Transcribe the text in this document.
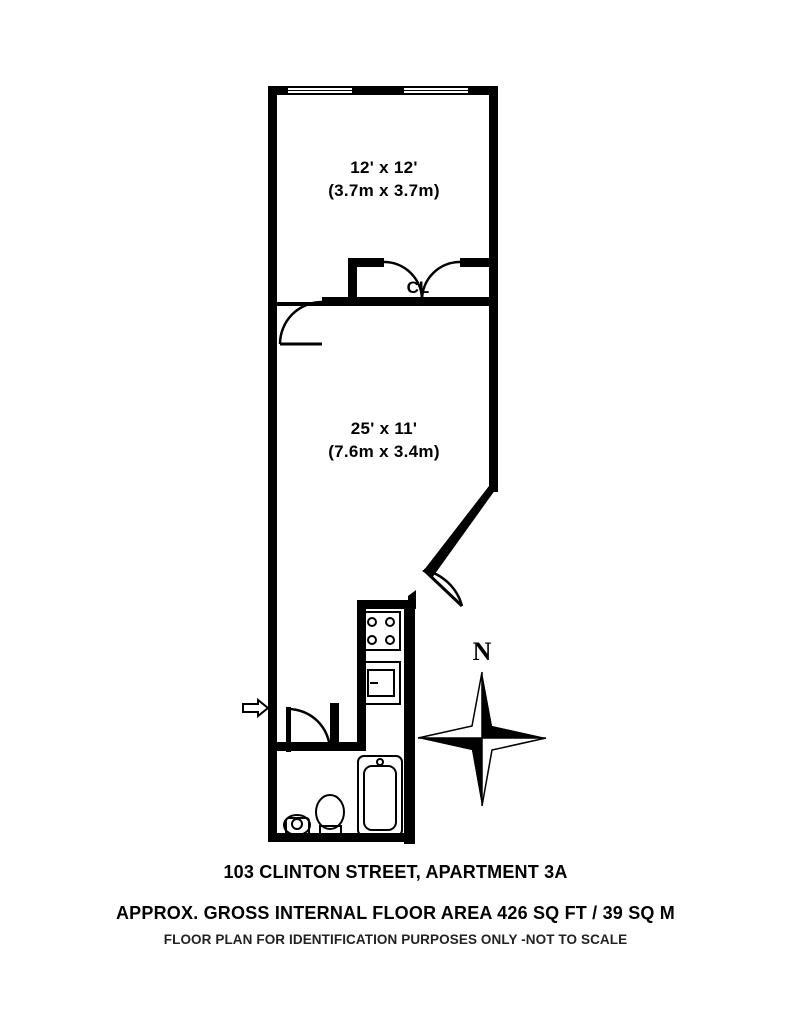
12' x 12'
(3.7m x 3.7m)
25' x 11'
(7.6m x 3.4m)
CL
N
103 CLINTON STREET, APARTMENT 3A
APPROX. GROSS INTERNAL FLOOR AREA 426 SQ FT / 39 SQ M
FLOOR PLAN FOR IDENTIFICATION PURPOSES ONLY -NOT TO SCALE
